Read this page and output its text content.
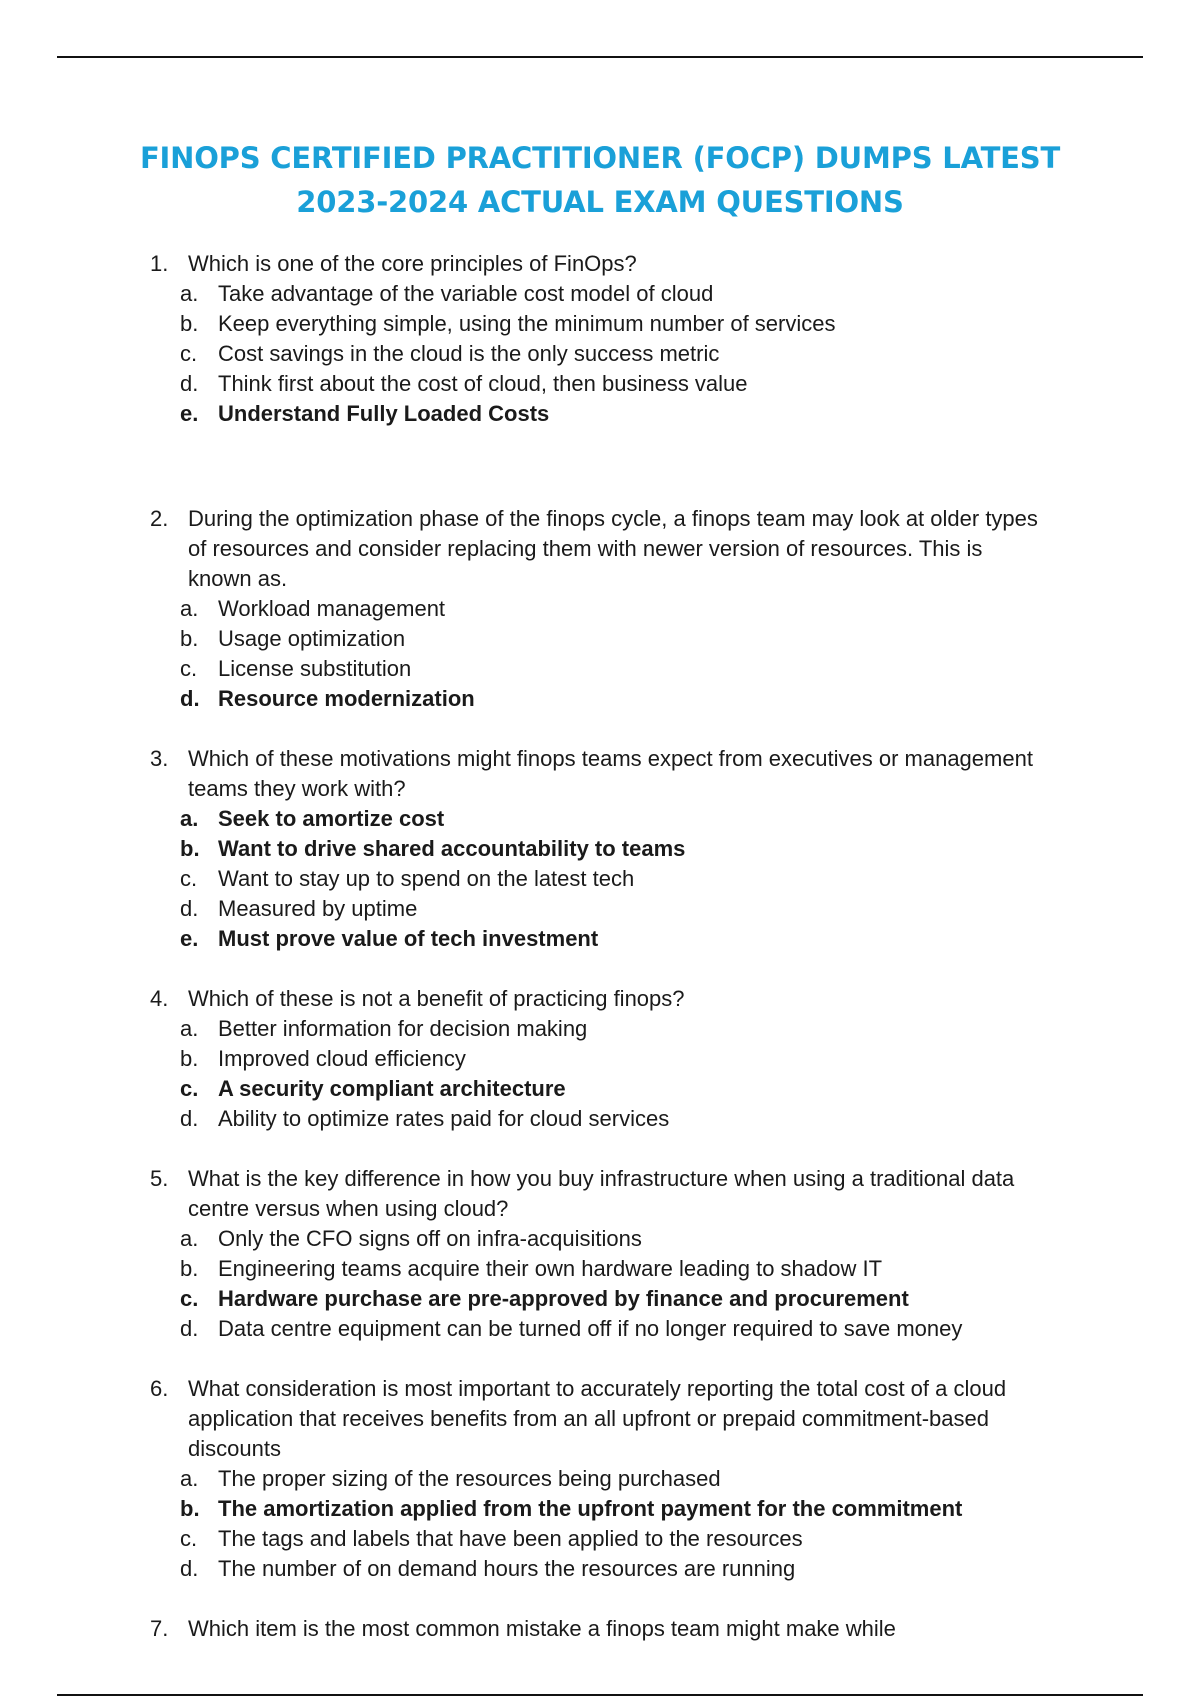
FINOPS CERTIFIED PRACTITIONER (FOCP) DUMPS LATEST
2023-2024 ACTUAL EXAM QUESTIONS
1. Which is one of the core principles of FinOps?
a. Take advantage of the variable cost model of cloud
b. Keep everything simple, using the minimum number of services
c. Cost savings in the cloud is the only success metric
d. Think first about the cost of cloud, then business value
e. Understand Fully Loaded Costs
2. During the optimization phase of the finops cycle, a finops team may look at older types of resources and consider replacing them with newer version of resources. This is known as.
a. Workload management
b. Usage optimization
c. License substitution
d. Resource modernization
3. Which of these motivations might finops teams expect from executives or management teams they work with?
a. Seek to amortize cost
b. Want to drive shared accountability to teams
c. Want to stay up to spend on the latest tech
d. Measured by uptime
e. Must prove value of tech investment
4. Which of these is not a benefit of practicing finops?
a. Better information for decision making
b. Improved cloud efficiency
c. A security compliant architecture
d. Ability to optimize rates paid for cloud services
5. What is the key difference in how you buy infrastructure when using a traditional data centre versus when using cloud?
a. Only the CFO signs off on infra-acquisitions
b. Engineering teams acquire their own hardware leading to shadow IT
c. Hardware purchase are pre-approved by finance and procurement
d. Data centre equipment can be turned off if no longer required to save money
6. What consideration is most important to accurately reporting the total cost of a cloud application that receives benefits from an all upfront or prepaid commitment-based discounts
a. The proper sizing of the resources being purchased
b. The amortization applied from the upfront payment for the commitment
c. The tags and labels that have been applied to the resources
d. The number of on demand hours the resources are running
7. Which item is the most common mistake a finops team might make while
